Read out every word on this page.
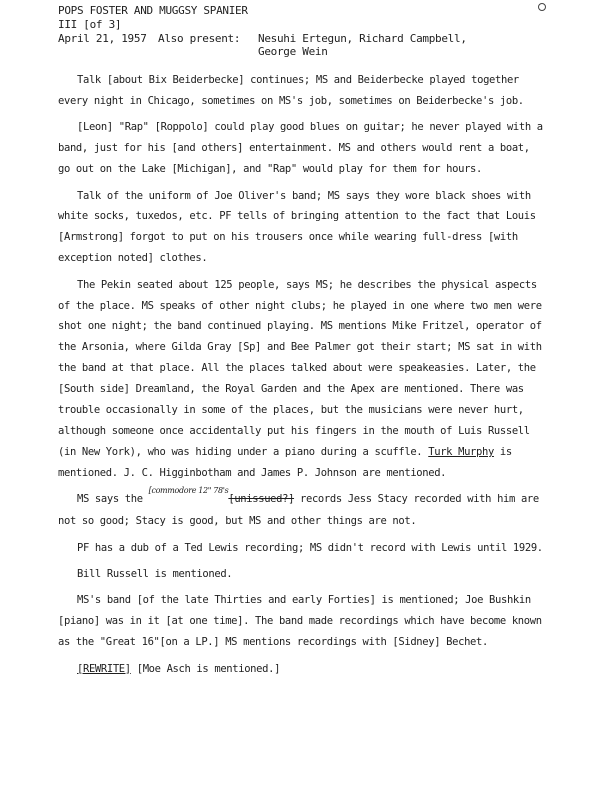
POPS FOSTER AND MUGGSY SPANIER
III [of 3]
April 21, 1957 Also present: Nesuhi Ertegun, Richard Campbell,
George Wein

Talk [about Bix Beiderbecke] continues; MS and Beiderbecke played together every night in Chicago, sometimes on MS's job, sometimes on Beiderbecke's job.

[Leon] "Rap" [Roppolo] could play good blues on guitar; he never played with a band, just for his [and others] entertainment. MS and others would rent a boat, go out on the Lake [Michigan], and "Rap" would play for them for hours.

Talk of the uniform of Joe Oliver's band; MS says they wore black shoes with white socks, tuxedos, etc. PF tells of bringing attention to the fact that Louis [Armstrong] forgot to put on his trousers once while wearing full-dress [with exception noted] clothes.

The Pekin seated about 125 people, says MS; he describes the physical aspects of the place. MS speaks of other night clubs; he played in one where two men were shot one night; the band continued playing. MS mentions Mike Fritzel, operator of the Arsonia, where Gilda Gray [Sp] and Bee Palmer got their start; MS sat in with the band at that place. All the places talked about were speakeasies. Later, the [South side] Dreamland, the Royal Garden and the Apex are mentioned. There was trouble occasionally in some of the places, but the musicians were never hurt, although someone once accidentally put his fingers in the mouth of Luis Russell (in New York), who was hiding under a piano during a scuffle. Turk Murphy is mentioned. J. C. Higginbotham and James P. Johnson are mentioned.

MS says the $^{[commodore 12" 78's}$[unissued?] records Jess Stacy recorded with him are not so good; Stacy is good, but MS and other things are not.

PF has a dub of a Ted Lewis recording; MS didn't record with Lewis until 1929.

Bill Russell is mentioned.

MS's band [of the late Thirties and early Forties] is mentioned; Joe Bushkin [piano] was in it [at one time]. The band made recordings which have become known as the "Great 16"[on a LP.] MS mentions recordings with [Sidney] Bechet.

[REWRITE] [Moe Asch is mentioned.]
